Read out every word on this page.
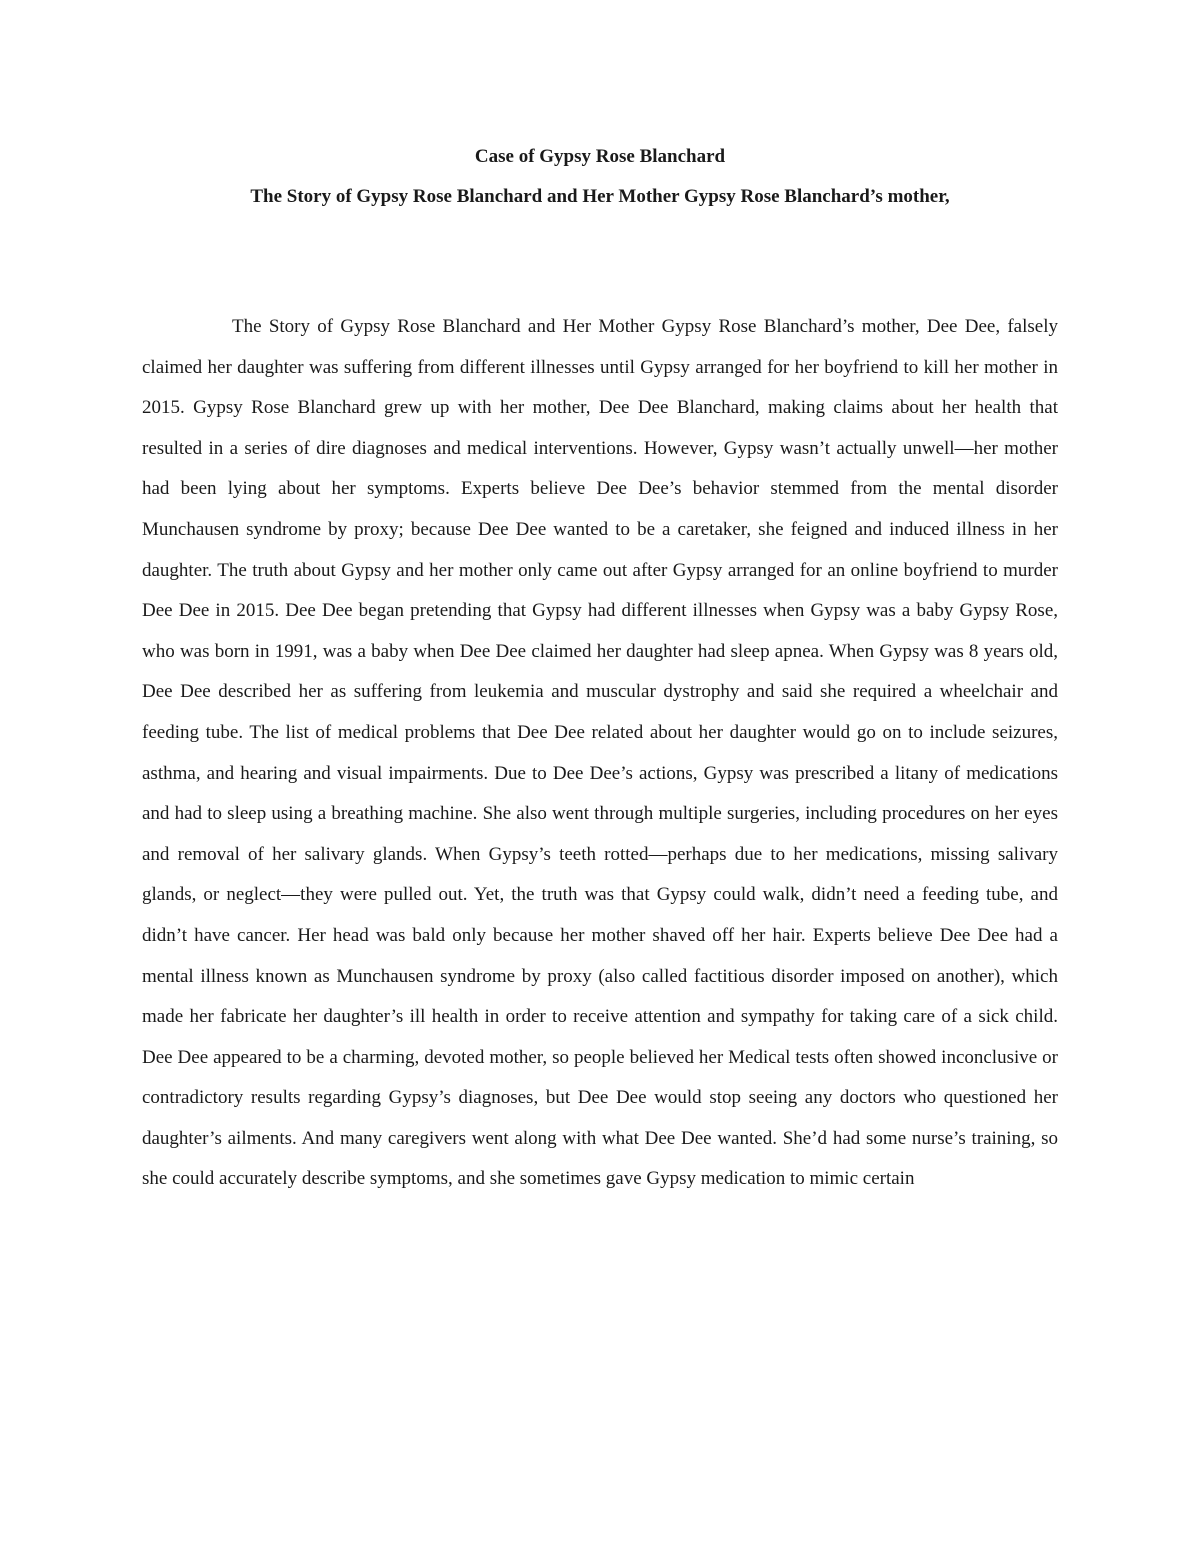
Case of Gypsy Rose Blanchard
The Story of Gypsy Rose Blanchard and Her Mother Gypsy Rose Blanchard’s mother,

The Story of Gypsy Rose Blanchard and Her Mother Gypsy Rose Blanchard’s mother, Dee Dee, falsely claimed her daughter was suffering from different illnesses until Gypsy arranged for her boyfriend to kill her mother in 2015. Gypsy Rose Blanchard grew up with her mother, Dee Dee Blanchard, making claims about her health that resulted in a series of dire diagnoses and medical interventions. However, Gypsy wasn’t actually unwell—her mother had been lying about her symptoms. Experts believe Dee Dee’s behavior stemmed from the mental disorder Munchausen syndrome by proxy; because Dee Dee wanted to be a caretaker, she feigned and induced illness in her daughter. The truth about Gypsy and her mother only came out after Gypsy arranged for an online boyfriend to murder Dee Dee in 2015. Dee Dee began pretending that Gypsy had different illnesses when Gypsy was a baby Gypsy Rose, who was born in 1991, was a baby when Dee Dee claimed her daughter had sleep apnea. When Gypsy was 8 years old, Dee Dee described her as suffering from leukemia and muscular dystrophy and said she required a wheelchair and feeding tube. The list of medical problems that Dee Dee related about her daughter would go on to include seizures, asthma, and hearing and visual impairments. Due to Dee Dee’s actions, Gypsy was prescribed a litany of medications and had to sleep using a breathing machine. She also went through multiple surgeries, including procedures on her eyes and removal of her salivary glands. When Gypsy’s teeth rotted—perhaps due to her medications, missing salivary glands, or neglect—they were pulled out. Yet, the truth was that Gypsy could walk, didn’t need a feeding tube, and didn’t have cancer. Her head was bald only because her mother shaved off her hair. Experts believe Dee Dee had a mental illness known as Munchausen syndrome by proxy (also called factitious disorder imposed on another), which made her fabricate her daughter’s ill health in order to receive attention and sympathy for taking care of a sick child. Dee Dee appeared to be a charming, devoted mother, so people believed her Medical tests often showed inconclusive or contradictory results regarding Gypsy’s diagnoses, but Dee Dee would stop seeing any doctors who questioned her daughter’s ailments. And many caregivers went along with what Dee Dee wanted. She’d had some nurse’s training, so she could accurately describe symptoms, and she sometimes gave Gypsy medication to mimic certain
